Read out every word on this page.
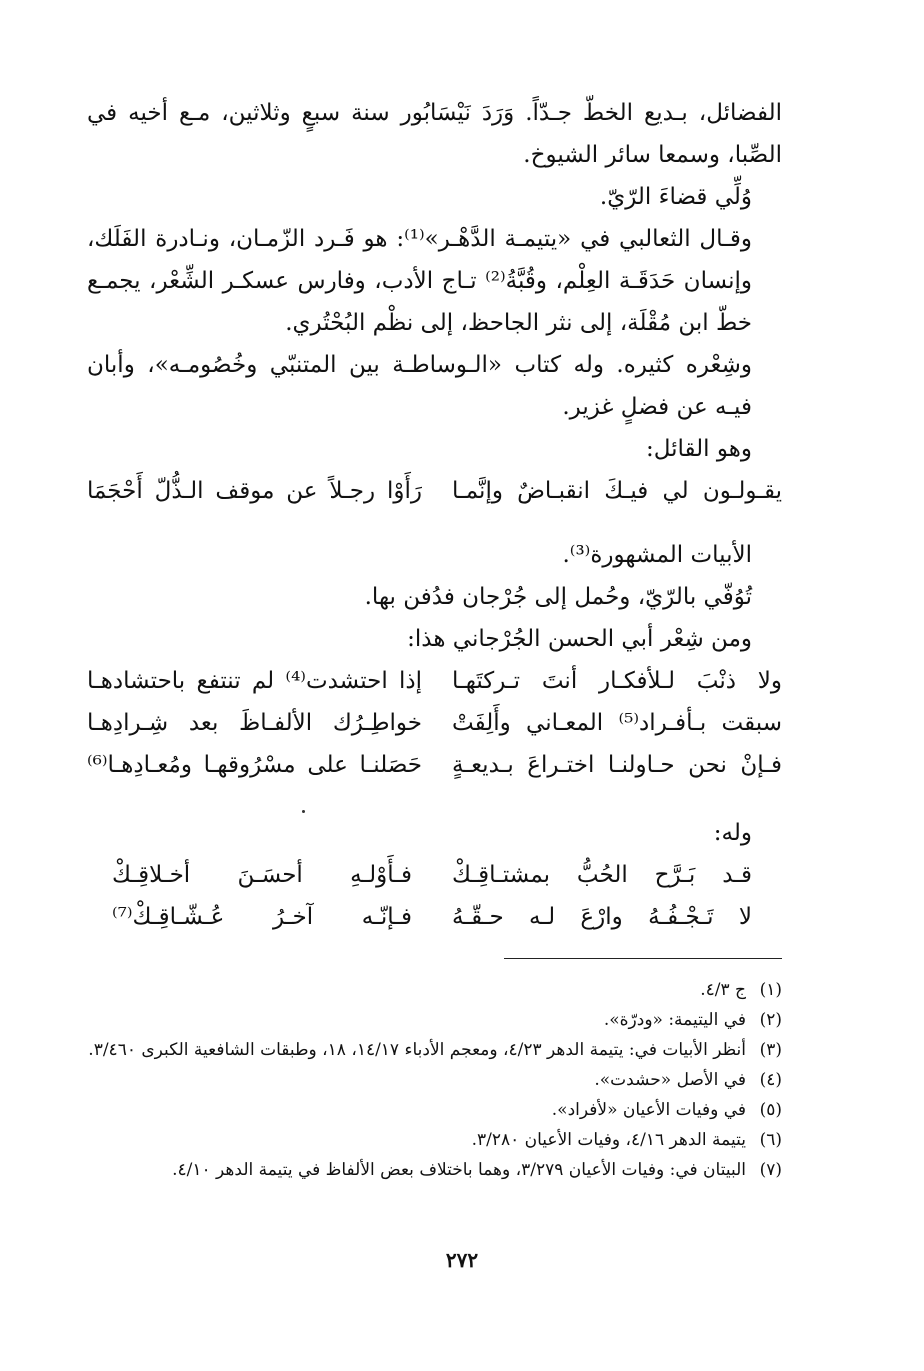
الفضائل، بـديع الخطّ جـدّاً. وَرَدَ نَيْسَابُور سنة سبعٍ وثلاثين، مـع أخيه في الصِّبا، وسمعا سائر الشيوخ.

وُلِّي قضاءَ الرّيّ.

وقـال الثعالبي في «يتيمـة الدَّهْـر»⁽¹⁾: هو فَـرد الزّمـان، ونـادرة الفَلَك، وإنسان حَدَقَـة العِلْم، وقُبَّةُ⁽²⁾ تـاج الأدب، وفارس عسكـر الشِّعْر، يجمـع خطّ ابن مُقْلَة، إلى نثر الجاحظ، إلى نظْم البُحْتُري.

وشِعْره كثيره. وله كتاب «الـوساطـة بين المتنبّي وخُصُومـه»، وأبان فيـه عن فضلٍ غزير.

وهو القائل:

يقـولـون لي فيـكَ انقبـاضٌ وإنَّمـا
رَأَوْا رجـلاً عن موقف الـذُّلّ أَحْجَمَا

الأبيات المشهورة⁽³⁾.

تُوُفّي بالرّيّ، وحُمل إلى جُرْجان فدُفن بها.

ومن شِعْر أبي الحسن الجُرْجاني هذا:

ولا ذنْبَ لـلأفكـار أنتَ تـركتَهـا
إذا احتشدت⁽⁴⁾ لم تنتفع باحتشادهـا
سبقت بـأفـراد⁽⁵⁾ المعـاني وأَلِفَتْ
خواطِـرُك الألفـاظَ بعد شِـرادِهـا
فـإنْ نحن حـاولنـا اختـراعَ بـديعـةٍ
حَصَلنـا على مسْرُوقهـا ومُعـادِهـا⁽⁶⁾

وله:

قـد بَـرَّح الحُبُّ بمشتـاقِـكْ
فـأَوْلـهِ أحسَـنَ أخـلاقِـكْ
لا تَـجْـفُـهُ وارْعَ لـه حـقّـهُ
فـإنّـه آخـرُ عُـشّـاقِـكْ⁽⁷⁾
(١)
ج ٤/٣.
(٢)
في اليتيمة: «ودرّة».
(٣)
أنظر الأبيات في: يتيمة الدهر ٤/٢٣، ومعجم الأدباء ١٤/١٧، ١٨، وطبقات الشافعية الكبرى ٣/٤٦٠.
(٤)
في الأصل «حشدت».
(٥)
في وفيات الأعيان «لأفراد».
(٦)
يتيمة الدهر ٤/١٦، وفيات الأعيان ٣/٢٨٠.
(٧)
البيتان في: وفيات الأعيان ٣/٢٧٩، وهما باختلاف بعض الألفاظ في يتيمة الدهر ٤/١٠.
٢٧٢
